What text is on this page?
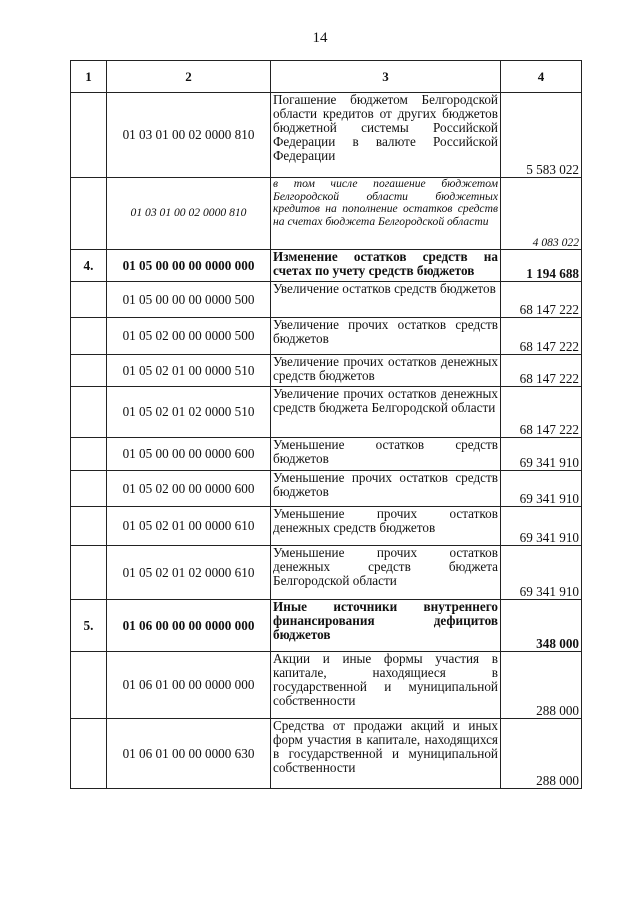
14
1	2	3	4
	01 03 01 00 02 0000 810	Погашение бюджетом Белгородской области кредитов от других бюджетов бюджетной системы Российской Федерации в валюте Российской Федерации	5 583 022
	01 03 01 00 02 0000 810	в том числе погашение бюджетом Белгородской области бюджетных кредитов на пополнение остатков средств на счетах бюджета Белгородской области	4 083 022
4.	01 05 00 00 00 0000 000	Изменение остатков средств на счетах по учету средств бюджетов	1 194 688
	01 05 00 00 00 0000 500	Увеличение остатков средств бюджетов	68 147 222
	01 05 02 00 00 0000 500	Увеличение прочих остатков средств бюджетов	68 147 222
	01 05 02 01 00 0000 510	Увеличение прочих остатков денежных средств бюджетов	68 147 222
	01 05 02 01 02 0000 510	Увеличение прочих остатков денежных средств бюджета Белгородской области	68 147 222
	01 05 00 00 00 0000 600	Уменьшение остатков средств бюджетов	69 341 910
	01 05 02 00 00 0000 600	Уменьшение прочих остатков средств бюджетов	69 341 910
	01 05 02 01 00 0000 610	Уменьшение прочих остатков денежных средств бюджетов	69 341 910
	01 05 02 01 02 0000 610	Уменьшение прочих остатков денежных средств бюджета Белгородской области	69 341 910
5.	01 06 00 00 00 0000 000	Иные источники внутреннего финансирования дефицитов бюджетов	348 000
	01 06 01 00 00 0000 000	Акции и иные формы участия в капитале, находящиеся в государственной и муниципальной собственности	288 000
	01 06 01 00 00 0000 630	Средства от продажи акций и иных форм участия в капитале, находящихся в государственной и муниципальной собственности	288 000
